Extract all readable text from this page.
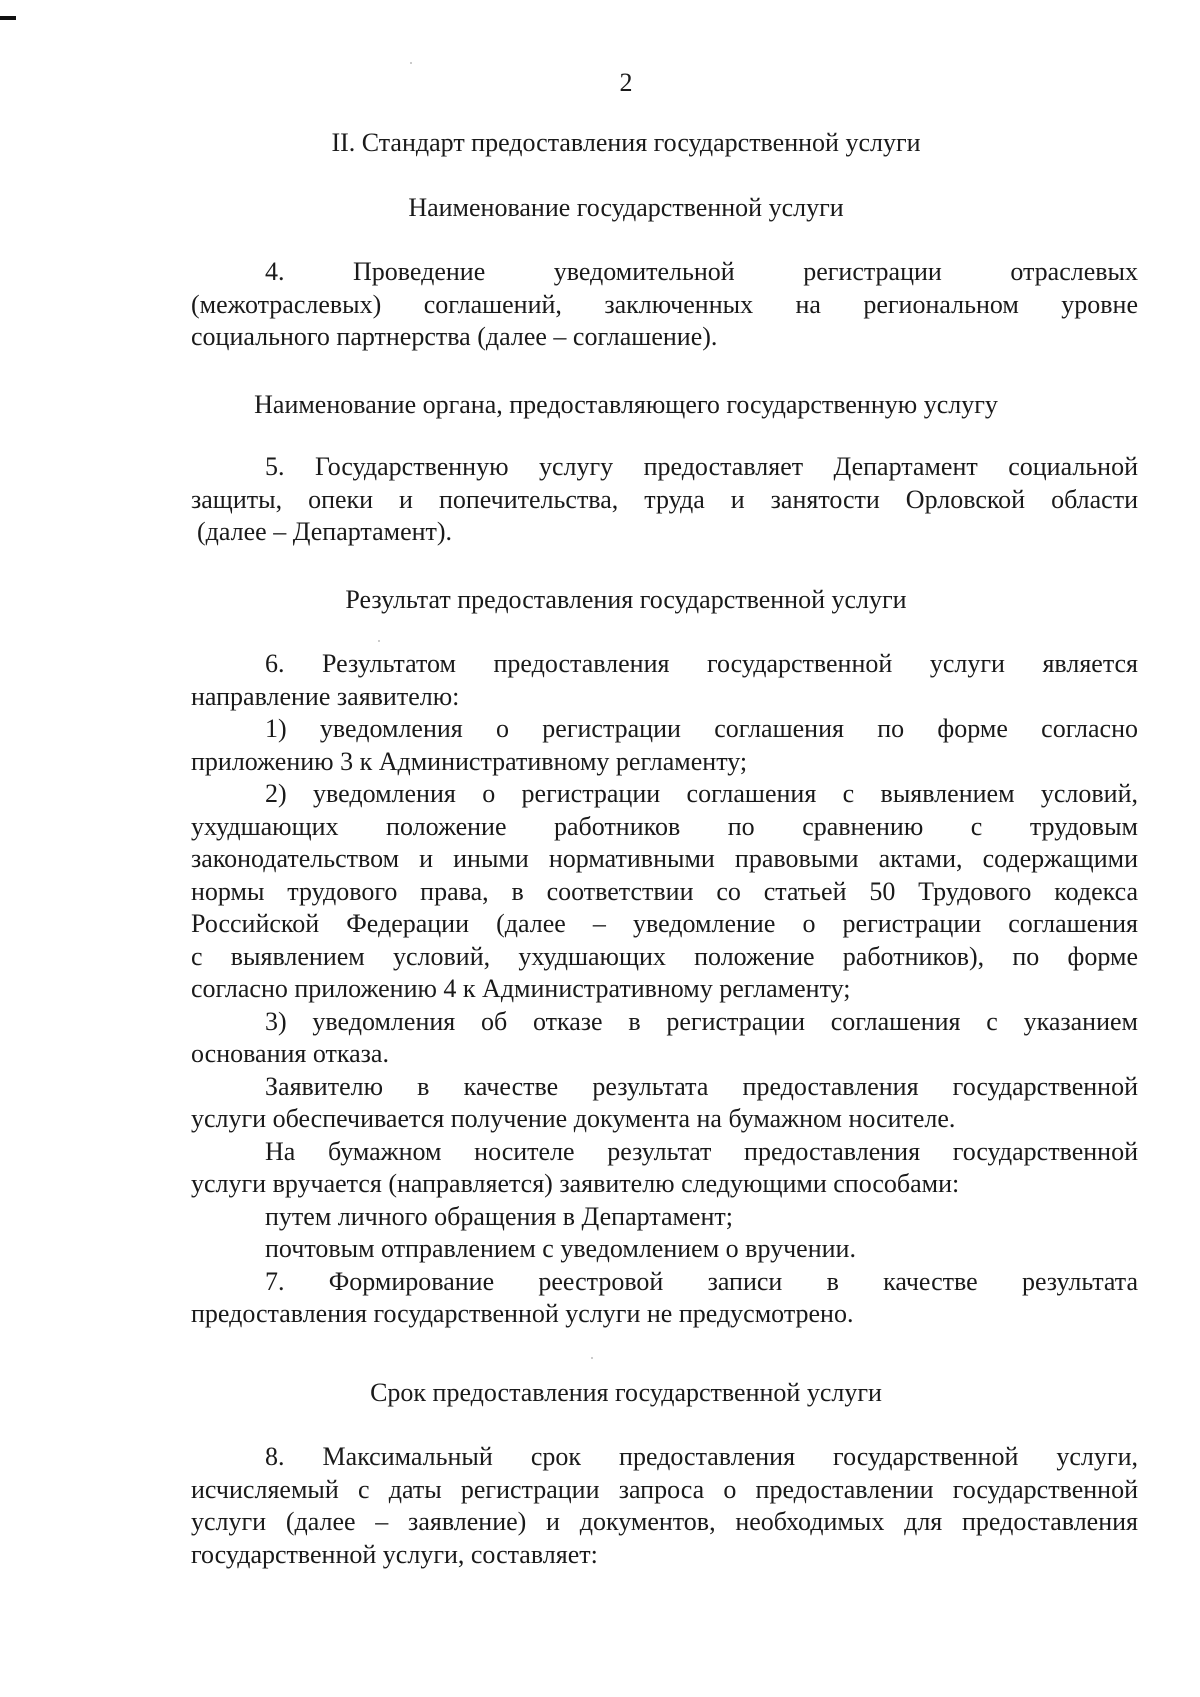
2
II. Стандарт предоставления государственной услуги
Наименование государственной услуги
4. Проведение уведомительной регистрации отраслевых
(межотраслевых) соглашений, заключенных на региональном уровне
социального партнерства (далее – соглашение).
Наименование органа, предоставляющего государственную услугу
5. Государственную услугу предоставляет Департамент социальной
защиты, опеки и попечительства, труда и занятости Орловской области
(далее – Департамент).
Результат предоставления государственной услуги
6. Результатом предоставления государственной услуги является
направление заявителю:
1) уведомления о регистрации соглашения по форме согласно
приложению 3 к Административному регламенту;
2) уведомления о регистрации соглашения с выявлением условий,
ухудшающих положение работников по сравнению с трудовым
законодательством и иными нормативными правовыми актами, содержащими
нормы трудового права, в соответствии со статьей 50 Трудового кодекса
Российской Федерации (далее – уведомление о регистрации соглашения
с выявлением условий, ухудшающих положение работников), по форме
согласно приложению 4 к Административному регламенту;
3) уведомления об отказе в регистрации соглашения с указанием
основания отказа.
Заявителю в качестве результата предоставления государственной
услуги обеспечивается получение документа на бумажном носителе.
На бумажном носителе результат предоставления государственной
услуги вручается (направляется) заявителю следующими способами:
путем личного обращения в Департамент;
почтовым отправлением с уведомлением о вручении.
7. Формирование реестровой записи в качестве результата
предоставления государственной услуги не предусмотрено.
Срок предоставления государственной услуги
8. Максимальный срок предоставления государственной услуги,
исчисляемый с даты регистрации запроса о предоставлении государственной
услуги (далее – заявление) и документов, необходимых для предоставления
государственной услуги, составляет:
